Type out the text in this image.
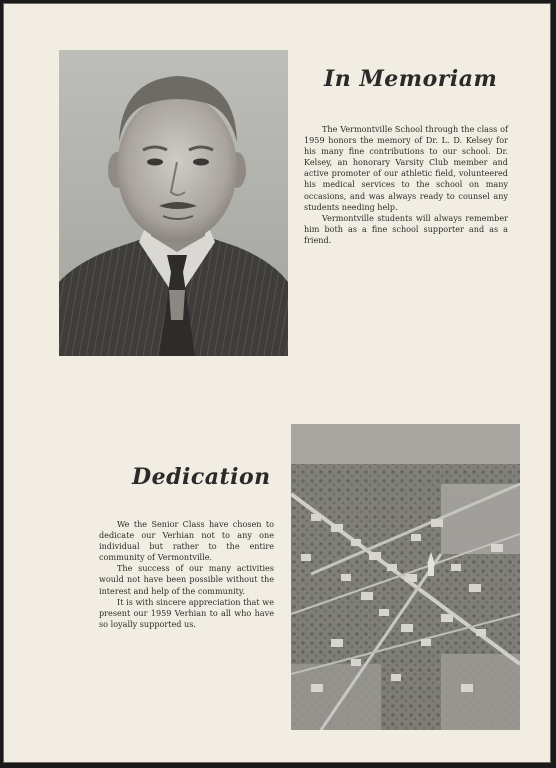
In Memoriam

The Vermontville School through the class of 1959 honors the memory of Dr. L. D. Kelsey for his many fine contributions to our school. Dr. Kelsey, an honorary Varsity Club member and active promoter of our athletic field, volunteered his medical services to the school on many occasions, and was always ready to counsel any students needing help.

Vermontville students will always remember him both as a fine school supporter and as a friend.

Dedication

We the Senior Class have chosen to dedicate our Verhian not to any one individual but rather to the entire community of Vermontville.

The success of our many activities would not have been possible without the interest and help of the community.

It is with sincere appreciation that we present our 1959 Verhian to all who have so loyally supported us.
